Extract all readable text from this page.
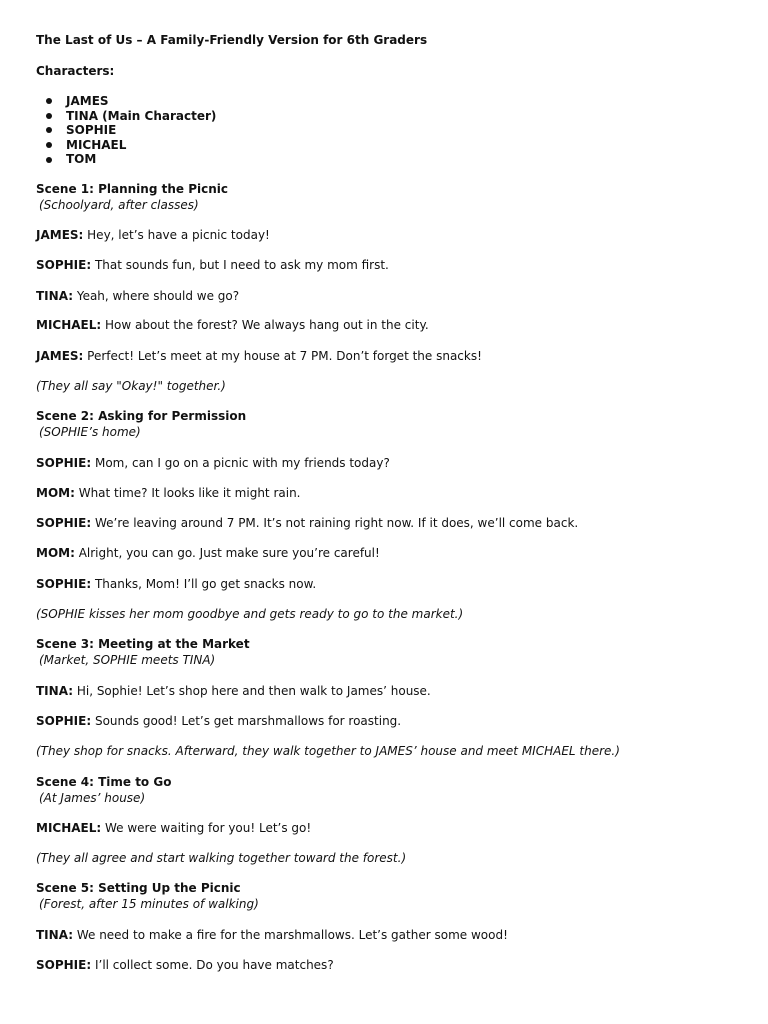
The Last of Us – A Family-Friendly Version for 6th Graders
Characters:
JAMES
TINA (Main Character)
SOPHIE
MICHAEL
TOM
Scene 1: Planning the Picnic
(Schoolyard, after classes)
JAMES: Hey, let’s have a picnic today!
SOPHIE: That sounds fun, but I need to ask my mom first.
TINA: Yeah, where should we go?
MICHAEL: How about the forest? We always hang out in the city.
JAMES: Perfect! Let’s meet at my house at 7 PM. Don’t forget the snacks!
(They all say "Okay!" together.)
Scene 2: Asking for Permission
(SOPHIE’s home)
SOPHIE: Mom, can I go on a picnic with my friends today?
MOM: What time? It looks like it might rain.
SOPHIE: We’re leaving around 7 PM. It’s not raining right now. If it does, we’ll come back.
MOM: Alright, you can go. Just make sure you’re careful!
SOPHIE: Thanks, Mom! I’ll go get snacks now.
(SOPHIE kisses her mom goodbye and gets ready to go to the market.)
Scene 3: Meeting at the Market
(Market, SOPHIE meets TINA)
TINA: Hi, Sophie! Let’s shop here and then walk to James’ house.
SOPHIE: Sounds good! Let’s get marshmallows for roasting.
(They shop for snacks. Afterward, they walk together to JAMES’ house and meet MICHAEL there.)
Scene 4: Time to Go
(At James’ house)
MICHAEL: We were waiting for you! Let’s go!
(They all agree and start walking together toward the forest.)
Scene 5: Setting Up the Picnic
(Forest, after 15 minutes of walking)
TINA: We need to make a fire for the marshmallows. Let’s gather some wood!
SOPHIE: I’ll collect some. Do you have matches?
